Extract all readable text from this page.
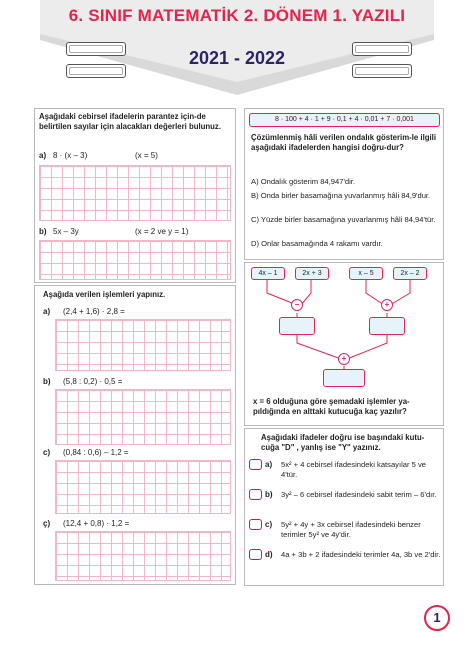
6. SINIF MATEMATİK 2. DÖNEM 1. YAZILI
2021 - 2022
Aşağıdaki cebirsel ifadelerin parantez için-de belirtilen sayılar için alacakları değerleri bulunuz.
a) 8 · (x – 3)	(x = 5)
b) 5x – 3y	(x = 2 ve y = 1)
Aşağıda verilen işlemleri yapınız.
a) (2,4 + 1,6) · 2,8 =
b) (5,8 : 0,2) · 0,5 =
c) (0,84 : 0,6) – 1,2 =
ç) (12,4 + 0,8) · 1,2 =
8 · 100 + 4 · 1 + 9 · 0,1 + 4 · 0,01 + 7 · 0,001
Çözümlenmiş hâli verilen ondalık gösterim-le ilgili aşağıdaki ifadelerden hangisi doğru-dur?
A) Ondalık gösterim 84,947'dir.
B) Onda birler basamağına yuvarlanmış hâli 84,9'dur.
C) Yüzde birler basamağına yuvarlanmış hâli 84,94'tür.
D) Onlar basamağında 4 rakamı vardır.
4x – 1	2x + 3	x – 5	2x – 2
–	+
+
x = 6 olduğuna göre şemadaki işlemler ya-pıldığında en alttaki kutucuğa kaç yazılır?
Aşağıdaki ifadeler doğru ise başındaki kutu-cuğa "D" , yanlış ise "Y" yazınız.
a) 5x² + 4 cebirsel ifadesindeki katsayılar 5 ve 4'tür.
b) 3y² – 6 cebirsel ifadesindeki sabit terim – 6'dır.
c) 5y² + 4y + 3x cebirsel ifadesindeki benzer terimler 5y² ve 4y'dir.
d) 4a + 3b + 2 ifadesindeki terimler 4a, 3b ve 2'dir.
1
